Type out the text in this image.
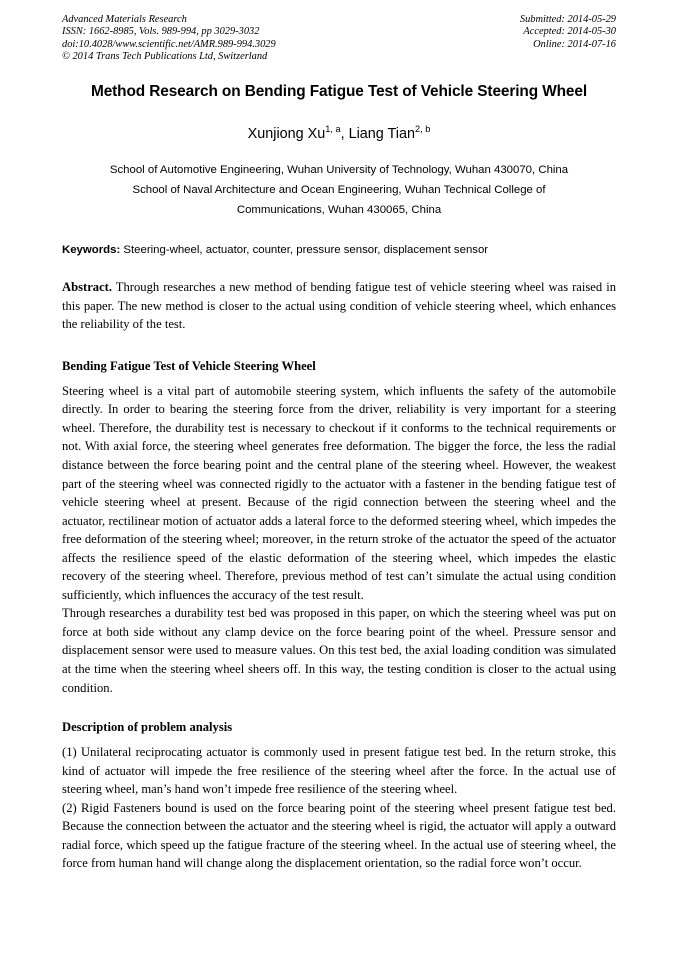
Advanced Materials Research
ISSN: 1662-8985, Vols. 989-994, pp 3029-3032
doi:10.4028/www.scientific.net/AMR.989-994.3029
© 2014 Trans Tech Publications Ltd, Switzerland
Submitted: 2014-05-29
Accepted: 2014-05-30
Online: 2014-07-16
Method Research on Bending Fatigue Test of Vehicle Steering Wheel
Xunjiong Xu$^{1, a}$, Liang Tian$^{2, b}$
School of Automotive Engineering, Wuhan University of Technology, Wuhan 430070, China
School of Naval Architecture and Ocean Engineering, Wuhan Technical College of Communications, Wuhan 430065, China
Keywords: Steering-wheel, actuator, counter, pressure sensor, displacement sensor
Abstract. Through researches a new method of bending fatigue test of vehicle steering wheel was raised in this paper. The new method is closer to the actual using condition of vehicle steering wheel, which enhances the reliability of the test.
Bending Fatigue Test of Vehicle Steering Wheel

Steering wheel is a vital part of automobile steering system, which influents the safety of the automobile directly. In order to bearing the steering force from the driver, reliability is very important for a steering wheel. Therefore, the durability test is necessary to checkout if it conforms to the technical requirements or not. With axial force, the steering wheel generates free deformation. The bigger the force, the less the radial distance between the force bearing point and the central plane of the steering wheel. However, the weakest part of the steering wheel was connected rigidly to the actuator with a fastener in the bending fatigue test of vehicle steering wheel at present. Because of the rigid connection between the steering wheel and the actuator, rectilinear motion of actuator adds a lateral force to the deformed steering wheel, which impedes the free deformation of the steering wheel; moreover, in the return stroke of the actuator the speed of the actuator affects the resilience speed of the elastic deformation of the steering wheel, which impedes the elastic recovery of the steering wheel. Therefore, previous method of test can’t simulate the actual using condition sufficiently, which influences the accuracy of the test result.

Through researches a durability test bed was proposed in this paper, on which the steering wheel was put on force at both side without any clamp device on the force bearing point of the wheel. Pressure sensor and displacement sensor were used to measure values. On this test bed, the axial loading condition was simulated at the time when the steering wheel sheers off. In this way, the testing condition is closer to the actual using condition.

Description of problem analysis

(1) Unilateral reciprocating actuator is commonly used in present fatigue test bed. In the return stroke, this kind of actuator will impede the free resilience of the steering wheel after the force. In the actual use of steering wheel, man’s hand won’t impede free resilience of the steering wheel.

(2) Rigid Fasteners bound is used on the force bearing point of the steering wheel present fatigue test bed. Because the connection between the actuator and the steering wheel is rigid, the actuator will apply a outward radial force, which speed up the fatigue fracture of the steering wheel. In the actual use of steering wheel, the force from human hand will change along the displacement orientation, so the radial force won’t occur.
